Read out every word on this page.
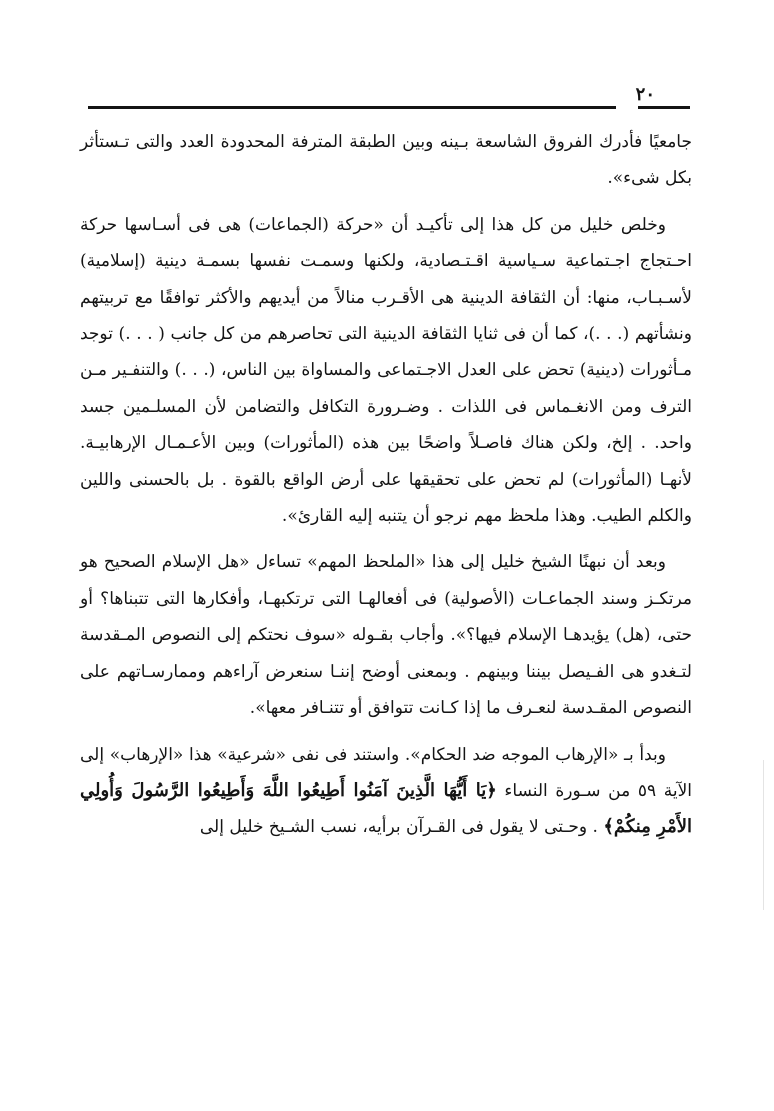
٢٠

جامعيًا فأدرك الفروق الشاسعة بـينه وبين الطبقة المترفة المحدودة العدد والتى تـستأثر بكل شىء».

وخلص خليل من كل هذا إلى تأكيـد أن «حركة (الجماعات) هى فى أسـاسها حركة احـتجاج اجـتماعية سـياسية اقـتـصادية، ولكنها وسمـت نفسها بسمـة دينية (إسلامية) لأسـبـاب، منها: أن الثقافة الدينية هى الأقـرب منالاً من أيديهم والأكثر توافقًا مع تربيتهم ونشأتهم (. . .)، كما أن فى ثنايا الثقافة الدينية التى تحاصرهم من كل جانب ( . . .) توجد مـأثورات (دينية) تحض على العدل الاجـتماعى والمساواة بين الناس، (. . .) والتنفـير مـن الترف ومن الانغـماس فى اللذات . وضـرورة التكافل والتضامن لأن المسلـمين جسد واحد. . إلخ، ولكن هناك فاصـلاً واضحًا بين هذه (المأثورات) وبين الأعـمـال الإرهابيـة. لأنهـا (المأثورات) لم تحض على تحقيقها على أرض الواقع بالقوة . بل بالحسنى واللين والكلم الطيب. وهذا ملحظ مهم نرجو أن يتنبه إليه القارئ».

وبعد أن نبهنًا الشيخ خليل إلى هذا «الملحظ المهم» تساءل «هل الإسلام الصحيح هو مرتكـز وسند الجماعـات (الأصولية) فى أفعالهـا التى ترتكبهـا، وأفكارها التى تتبناها؟ أو حتى، (هل) يؤيدهـا الإسلام فيها؟». وأجاب بقـوله «سوف نحتكم إلى النصوص المـقدسة لتـغدو هى الفـيصل بيننا وبينهم . وبمعنى أوضح إننـا سنعرض آراءهم وممارسـاتهم على النصوص المقـدسة لنعـرف ما إذا كـانت تتوافق أو تتنـافر معها».

وبدأ بـ «الإرهاب الموجه ضد الحكام». واستند فى نفى «شرعية» هذا «الإرهاب» إلى الآية ٥٩ من سـورة النساء ﴿يَا أَيُّهَا الَّذِينَ آمَنُوا أَطِيعُوا اللَّهَ وَأَطِيعُوا الرَّسُولَ وَأُولِي الأَمْرِ مِنكُمْ﴾ . وحـتى لا يقول فى القـرآن برأيه، نسب الشـيخ خليل إلى
